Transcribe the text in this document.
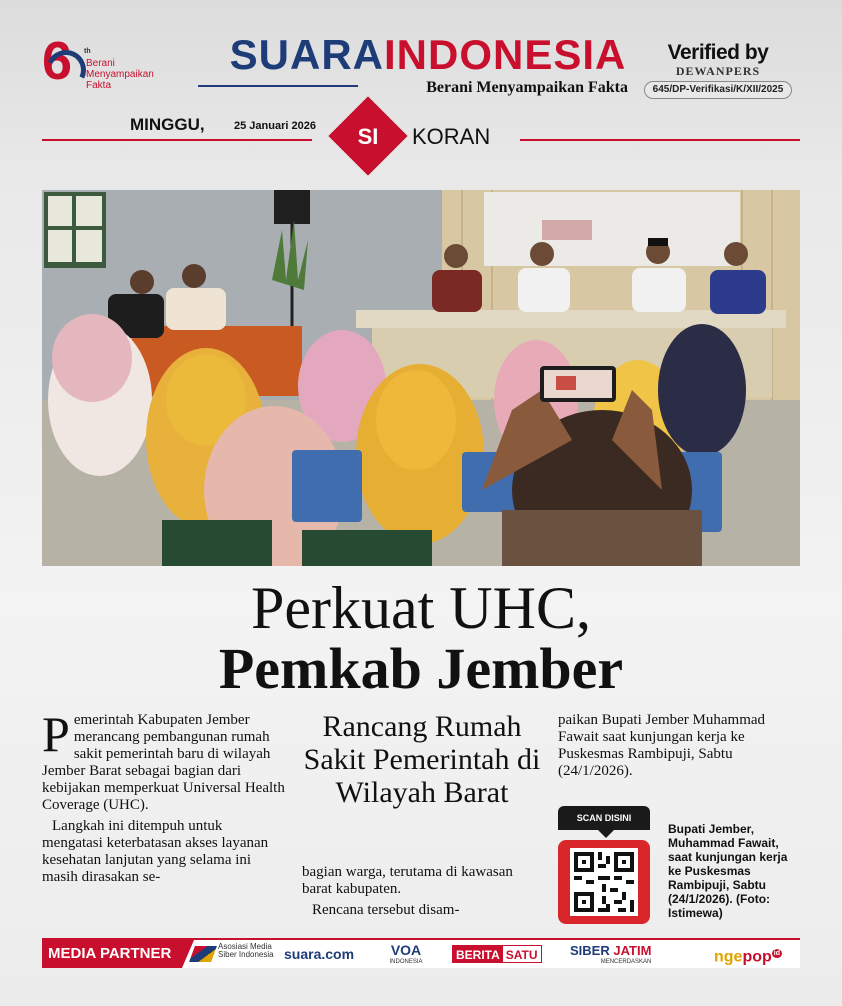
6 th
Berani
Menyampaikan
Fakta
SUARAINDONESIA
Berani Menyampaikan Fakta
Verified by
DEWANPERS
645/DP-Verifikasi/K/XII/2025
MINGGU,	25 Januari 2026	SI	KORAN
Perkuat UHC,
Pemkab Jember

Pemerintah Kabupaten Jember merancang pembangunan rumah sakit pemerintah baru di wilayah Jember Barat sebagai bagian dari kebijakan memperkuat Universal Health Coverage (UHC).

Langkah ini ditempuh untuk mengatasi keterbatasan akses layanan kesehatan lanjutan yang selama ini masih dirasakan se-

Rancang Rumah Sakit Pemerintah di Wilayah Barat

bagian warga, terutama di kawasan barat kabupaten.

Rencana tersebut disam-

paikan Bupati Jember Muhammad Fawait saat kunjungan kerja ke Puskesmas Rambipuji, Sabtu (24/1/2026).

SCAN DISINI
Bupati Jember, Muhammad Fawait, saat kunjungan kerja ke Puskesmas Rambipuji, Sabtu (24/1/2026). (Foto: Istimewa)
MEDIA PARTNER	Asosiasi Media Siber Indonesia suara.com	VOA
INDONESIA	BERITA SATU	SIBER JATIM
MENCERDASKAN	ngepop $^{id}$
